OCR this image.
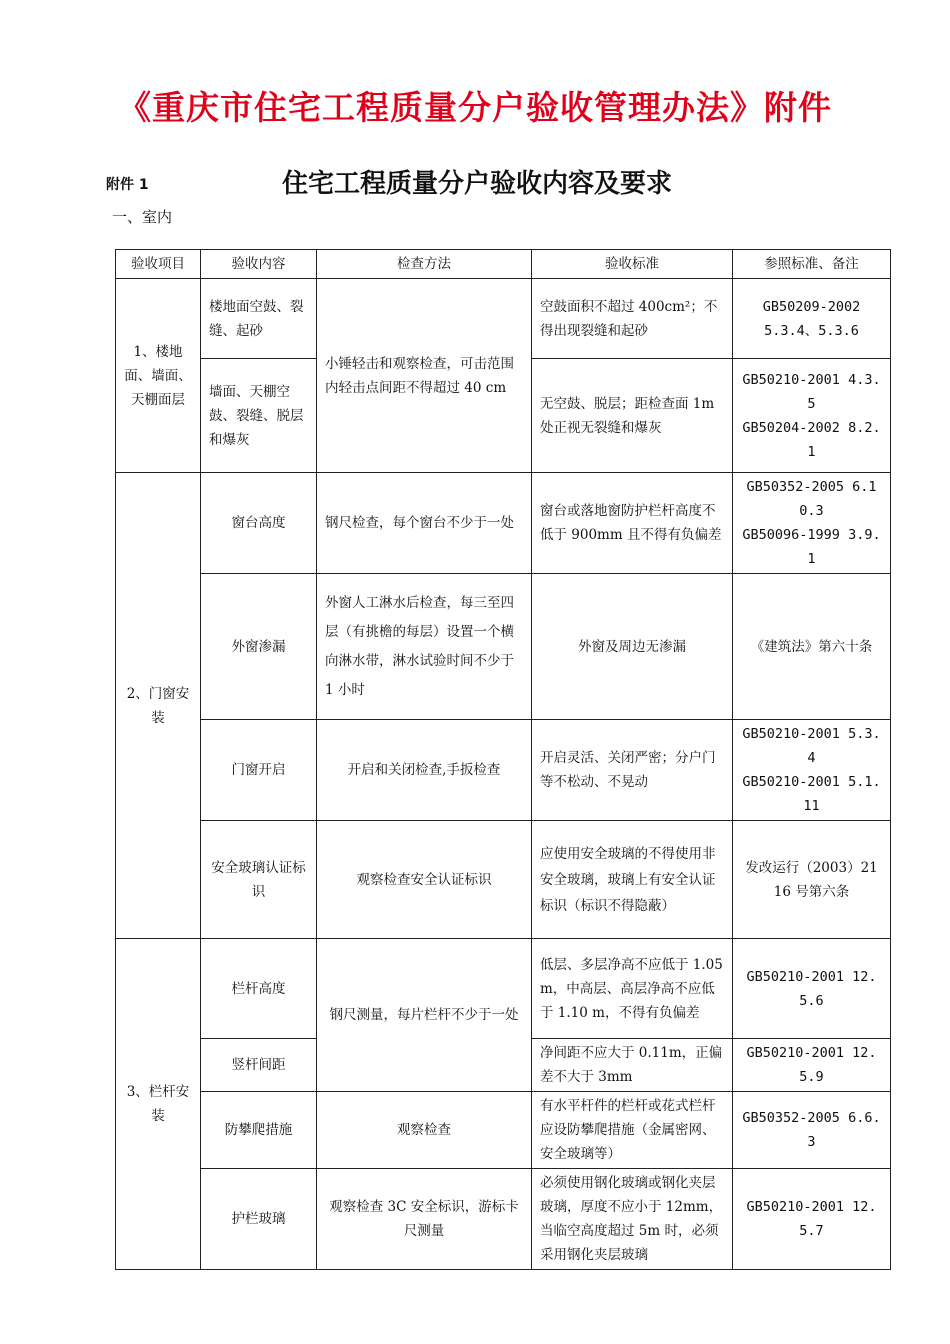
《重庆市住宅工程质量分户验收管理办法》附件
附件 1	住宅工程质量分户验收内容及要求
一、室内
验收项目	验收内容	检查方法	验收标准	参照标准、备注
1、楼地面、墙面、天棚面层	楼地面空鼓、裂缝、起砂	小锤轻击和观察检查，可击范围内轻击点间距不得超过 40 cm	空鼓面积不超过 400cm²；不得出现裂缝和起砂	GB50209-2002
5.3.4、5.3.6

	墙面、天棚空鼓、裂缝、脱层和爆灰		无空鼓、脱层；距检查面 1m 处正视无裂缝和爆灰	GB50210-2001 4.3.5
GB50204-2002 8.2.1

2、门窗安装	窗台高度	钢尺检查，每个窗台不少于一处	窗台或落地窗防护栏杆高度不低于 900mm 且不得有负偏差	GB50352-2005 6.10.3
GB50096-1999 3.9.1

	外窗渗漏	外窗人工淋水后检查，每三至四层（有挑檐的每层）设置一个横向淋水带，淋水试验时间不少于 1 小时	外窗及周边无渗漏	《建筑法》第六十条
	门窗开启	开启和关闭检查,手扳检查	开启灵活、关闭严密；分户门等不松动、不晃动	GB50210-2001 5.3.4
GB50210-2001 5.1.11

	安全玻璃认证标识	观察检查安全认证标识	应使用安全玻璃的不得使用非安全玻璃，玻璃上有安全认证标识（标识不得隐蔽）	发改运行（2003）2116 号第六条
3、栏杆安装	栏杆高度	钢尺测量，每片栏杆不少于一处	低层、多层净高不应低于 1.05m，中高层、高层净高不应低于 1.10 m，不得有负偏差	GB50210-2001 12.5.6
	竖杆间距		净间距不应大于 0.11m，正偏差不大于 3mm	GB50210-2001 12.5.9
	防攀爬措施	观察检查	有水平杆件的栏杆或花式栏杆应设防攀爬措施（金属密网、安全玻璃等）	GB50352-2005 6.6.3
	护栏玻璃	观察检查 3C 安全标识，游标卡尺测量	必须使用钢化玻璃或钢化夹层玻璃，厚度不应小于 12mm，当临空高度超过 5m 时，必须采用钢化夹层玻璃	GB50210-2001 12.5.7
